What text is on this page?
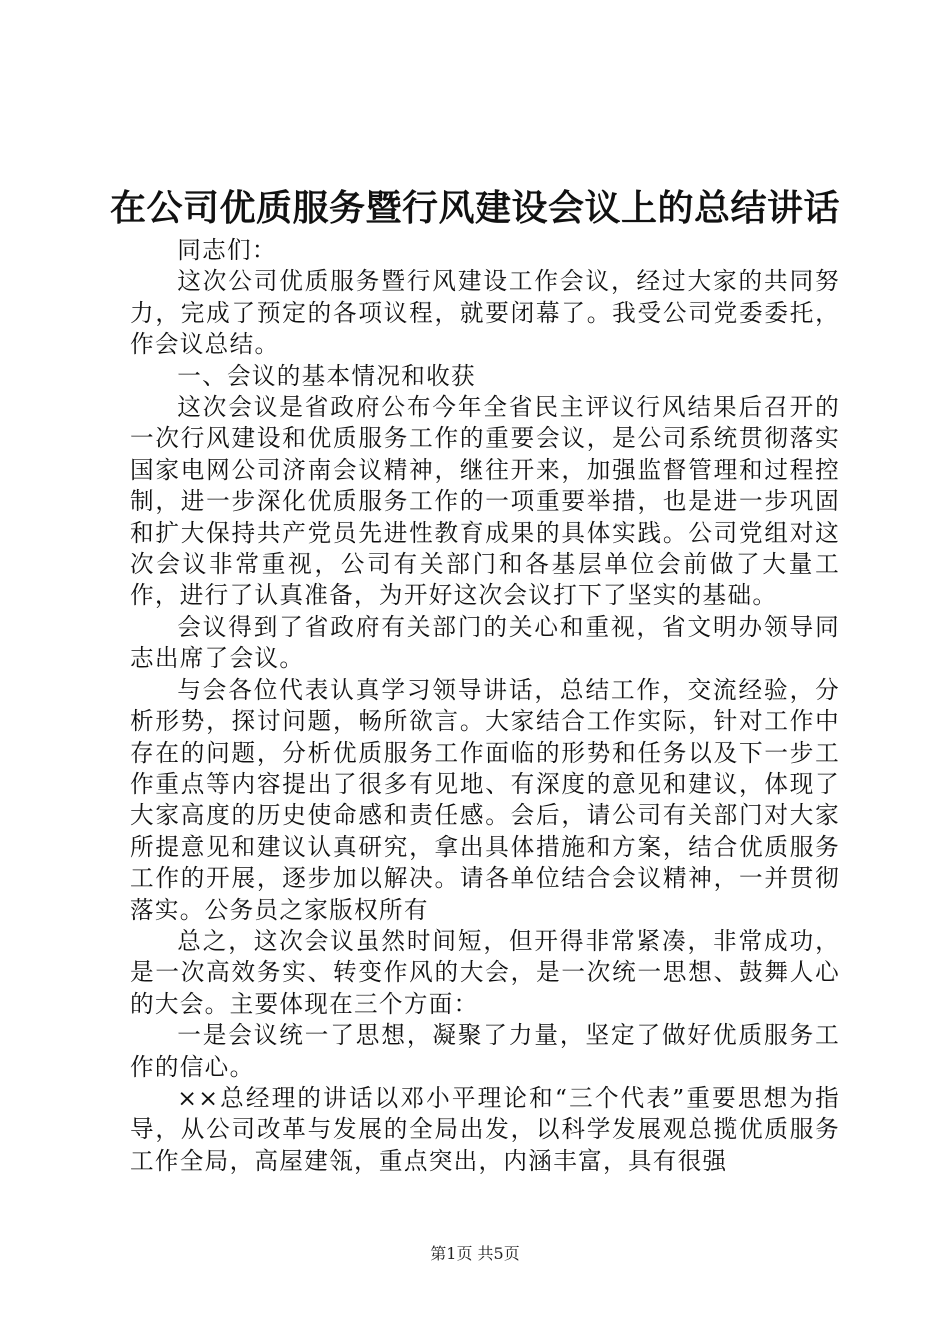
在公司优质服务暨行风建设会议上的总结讲话

同志们：

这次公司优质服务暨行风建设工作会议，经过大家的共同努力，完成了预定的各项议程，就要闭幕了。我受公司党委委托，作会议总结。

一、会议的基本情况和收获

这次会议是省政府公布今年全省民主评议行风结果后召开的一次行风建设和优质服务工作的重要会议，是公司系统贯彻落实国家电网公司济南会议精神，继往开来，加强监督管理和过程控制，进一步深化优质服务工作的一项重要举措，也是进一步巩固和扩大保持共产党员先进性教育成果的具体实践。公司党组对这次会议非常重视，公司有关部门和各基层单位会前做了大量工作，进行了认真准备，为开好这次会议打下了坚实的基础。

会议得到了省政府有关部门的关心和重视，省文明办领导同志出席了会议。

与会各位代表认真学习领导讲话，总结工作，交流经验，分析形势，探讨问题，畅所欲言。大家结合工作实际，针对工作中存在的问题，分析优质服务工作面临的形势和任务以及下一步工作重点等内容提出了很多有见地、有深度的意见和建议，体现了大家高度的历史使命感和责任感。会后，请公司有关部门对大家所提意见和建议认真研究，拿出具体措施和方案，结合优质服务工作的开展，逐步加以解决。请各单位结合会议精神，一并贯彻落实。公务员之家版权所有

总之，这次会议虽然时间短，但开得非常紧凑，非常成功，是一次高效务实、转变作风的大会，是一次统一思想、鼓舞人心的大会。主要体现在三个方面：

一是会议统一了思想，凝聚了力量，坚定了做好优质服务工作的信心。

××总经理的讲话以邓小平理论和“三个代表”重要思想为指导，从公司改革与发展的全局出发，以科学发展观总揽优质服务工作全局，高屋建瓴，重点突出，内涵丰富，具有很强

第1页 共5页
